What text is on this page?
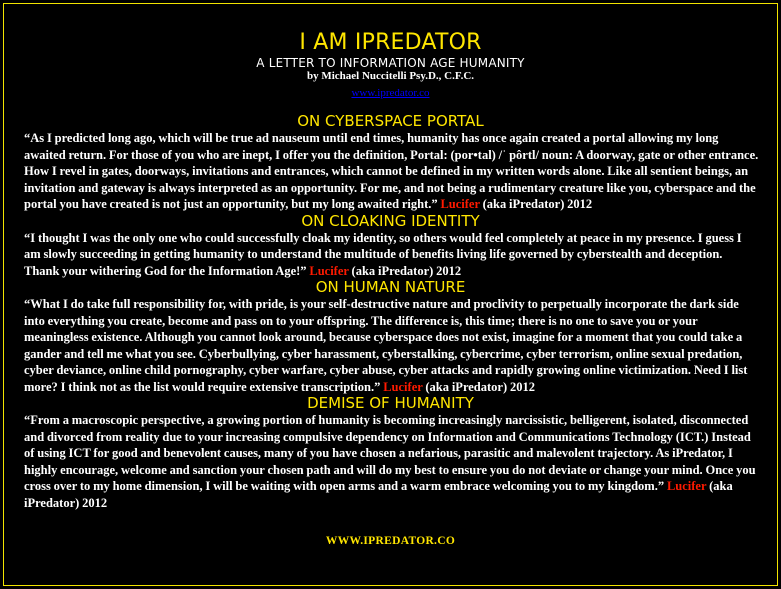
I AM IPREDATOR
A LETTER TO INFORMATION AGE HUMANITY
by Michael Nuccitelli Psy.D., C.F.C.
www.ipredator.co
ON CYBERSPACE PORTAL
“As I predicted long ago, which will be true ad nauseum until end times, humanity has once again created a portal allowing my long awaited return. For those of you who are inept, I offer you the definition, Portal: (por•tal) /ˈ pôrtl/ noun: A doorway, gate or other entrance. How I revel in gates, doorways, invitations and entrances, which cannot be defined in my written words alone. Like all sentient beings, an invitation and gateway is always interpreted as an opportunity. For me, and not being a rudimentary creature like you, cyberspace and the portal you have created is not just an opportunity, but my long awaited right.” Lucifer (aka iPredator) 2012
ON CLOAKING IDENTITY
“I thought I was the only one who could successfully cloak my identity, so others would feel completely at peace in my presence. I guess I am slowly succeeding in getting humanity to understand the multitude of benefits living life governed by cyberstealth and deception. Thank your withering God for the Information Age!” Lucifer (aka iPredator) 2012
ON HUMAN NATURE
“What I do take full responsibility for, with pride, is your self-destructive nature and proclivity to perpetually incorporate the dark side into everything you create, become and pass on to your offspring. The difference is, this time; there is no one to save you or your meaningless existence. Although you cannot look around, because cyberspace does not exist, imagine for a moment that you could take a gander and tell me what you see. Cyberbullying, cyber harassment, cyberstalking, cybercrime, cyber terrorism, online sexual predation, cyber deviance, online child pornography, cyber warfare, cyber abuse, cyber attacks and rapidly growing online victimization. Need I list more? I think not as the list would require extensive transcription.” Lucifer (aka iPredator) 2012
DEMISE OF HUMANITY
“From a macroscopic perspective, a growing portion of humanity is becoming increasingly narcissistic, belligerent, isolated, disconnected and divorced from reality due to your increasing compulsive dependency on Information and Communications Technology (ICT.) Instead of using ICT for good and benevolent causes, many of you have chosen a nefarious, parasitic and malevolent trajectory. As iPredator, I highly encourage, welcome and sanction your chosen path and will do my best to ensure you do not deviate or change your mind. Once you cross over to my home dimension, I will be waiting with open arms and a warm embrace welcoming you to my kingdom.” Lucifer (aka iPredator) 2012
WWW.IPREDATOR.CO
